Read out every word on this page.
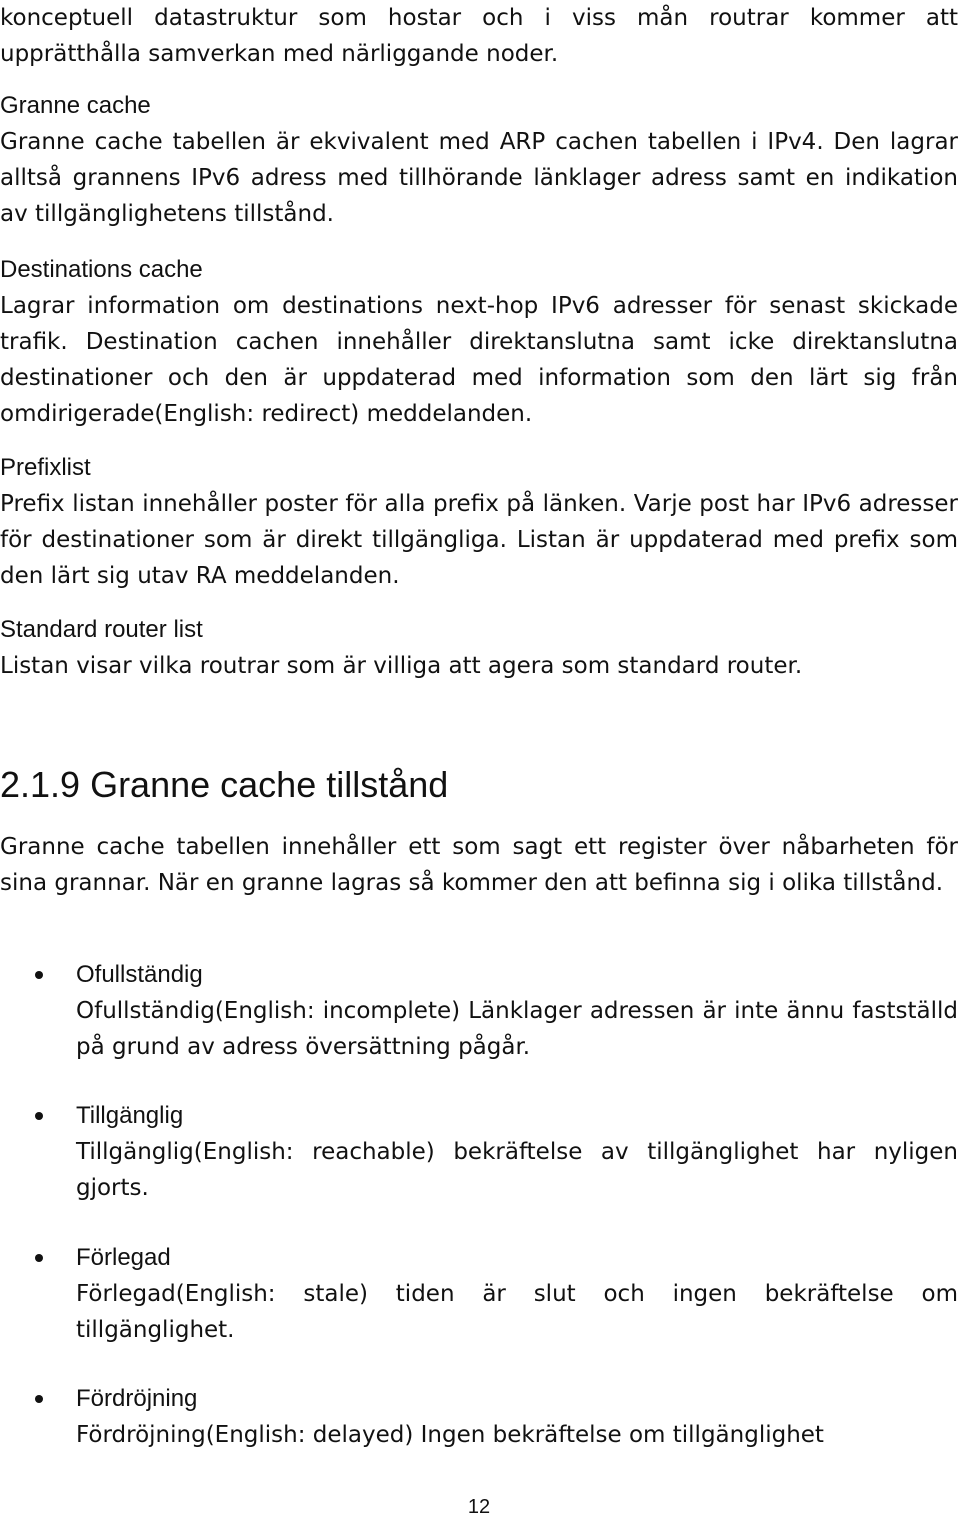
konceptuell datastruktur som hostar och i viss mån routrar kommer att upprätthålla samverkan med närliggande noder.

Granne cache

Granne cache tabellen är ekvivalent med ARP cachen tabellen i IPv4. Den lagrar alltså grannens IPv6 adress med tillhörande länklager adress samt en indikation av tillgänglighetens tillstånd.

Destinations cache

Lagrar information om destinations next-hop IPv6 adresser för senast skickade trafik. Destination cachen innehåller direktanslutna samt icke direktanslutna destinationer och den är uppdaterad med information som den lärt sig från omdirigerade(English: redirect) meddelanden.

Prefixlist

Prefix listan innehåller poster för alla prefix på länken. Varje post har IPv6 adresser för destinationer som är direkt tillgängliga. Listan är uppdaterad med prefix som den lärt sig utav RA meddelanden.

Standard router list

Listan visar vilka routrar som är villiga att agera som standard router.

2.1.9 Granne cache tillstånd

Granne cache tabellen innehåller ett som sagt ett register över nåbarheten för sina grannar. När en granne lagras så kommer den att befinna sig i olika tillstånd.

Ofullständig

Ofullständig(English: incomplete) Länklager adressen är inte ännu fastställd på grund av adress översättning pågår.

Tillgänglig

Tillgänglig(English: reachable) bekräftelse av tillgänglighet har nyligen gjorts.

Förlegad

Förlegad(English: stale) tiden är slut och ingen bekräftelse om tillgänglighet.

Fördröjning

Fördröjning(English: delayed) Ingen bekräftelse om tillgänglighet

12
